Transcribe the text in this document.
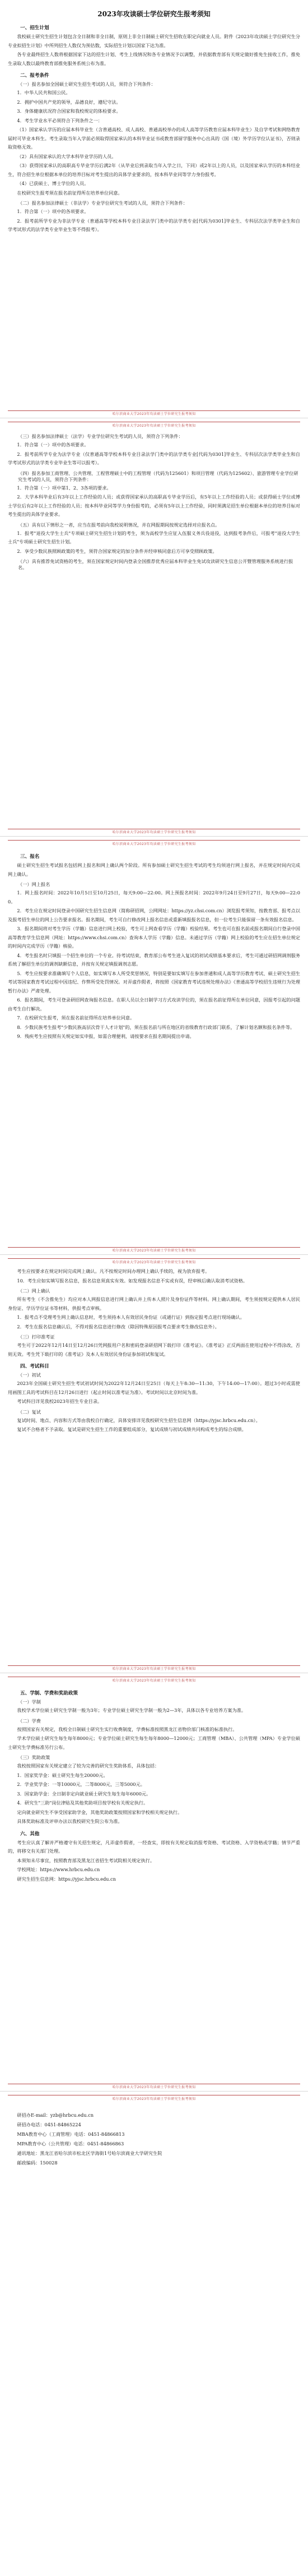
2023年攻读硕士学位研究生报考须知
一、招生计划

我校硕士研究生招生计划包含全日制和非全日制，原则上非全日制硕士研究生招收在职定向就业人员。附件《2023年攻读硕士学位研究生分专业拟招生计划》中所列招生人数仅为预估数，实际招生计划以国家下达为准。

各专业最终招生人数将根据国家下达的招生计划、考生上线情况和各专业情况予以调整，并依据教育部有关规定做好推免生接收工作，推免生录取人数以最终教育部推免服务系统公布为准。

二、报考条件
（一）报名参加全国硕士研究生招生考试的人员，须符合下列条件：

1．中华人民共和国公民。

2．拥护中国共产党的领导，品德良好，遵纪守法。

3．身体健康状况符合国家和我校规定的体检要求。

4．考生学业水平必须符合下列条件之一：

（1）国家承认学历的应届本科毕业生（含普通高校、成人高校、普通高校举办的成人高等学历教育应届本科毕业生）及自学考试和网络教育届时可毕业本科生。考生录取当年入学前必须取得国家承认的本科毕业证书或教育部留学服务中心出具的《国（境）外学历学位认证书》，否则录取资格无效。

（2）具有国家承认的大学本科毕业学历的人员。

（3）获得国家承认的高职高专毕业学历后满2年（从毕业后到录取当年入学之日，下同）或2年以上的人员，以及国家承认学历的本科结业生，符合招生单位根据本单位的培养目标对考生提出的具体学业要求的，按本科毕业同等学力身份报考。

（4）已获硕士、博士学位的人员。

在校研究生报考须在报名前征得所在培养单位同意。

（二）报名参加法律硕士（非法学）专业学位研究生考试的人员，须符合下列条件：

1．符合第（一）项中的各项要求。

2．报考前所学专业为非法学专业（普通高等学校本科专业目录法学门类中的法学类专业[代码为0301]毕业生、专科层次法学类毕业生和自学考试形式的法学类专业毕业生等不得报考）。

哈尔滨商业大学2023年攻读硕士学位研究生报考须知
哈尔滨商业大学2023年攻读硕士学位研究生报考须知
（三）报名参加法律硕士（法学）专业学位研究生考试的人员，须符合下列条件：

1．符合第（一）项中的各项要求。

2．报考前所学专业为法学专业（仅普通高等学校本科专业目录法学门类中的法学类专业[代码为0301]毕业生、专科层次法学类毕业生和自学考试形式的法学类专业毕业生等可以报考）。

（四）报名参加工商管理、公共管理、工程管理硕士中的工程管理（代码为125601）和项目管理（代码为125602）、旅游管理专业学位研究生考试的人员，须符合下列条件：

1．符合第（一）项中第1、2、3各项的要求。

2．大学本科毕业后有3年以上工作经验的人员；或获得国家承认的高职高专毕业学历后，有5年以上工作经验的人员；或获得硕士学位或博士学位后有2年以上工作经验的人员；按本科毕业同等学力身份报考的，必须有5年以上工作经验，同时须满足招生单位根据本单位的培养目标对考生提出的具体学业要求。

（五）具有以下情形之一者，应当在报考前向我校说明情况，并在网报期间按规定选择对应报名点。

1．报考"退役大学生士兵"专项硕士研究生招生计划的考生，须为高校学生应征入伍服义务兵役退役，达到报考条件后，可报考"退役大学生士兵"专项硕士研究生招生计划。

2．享受少数民族照顾政策的考生，须符合国家规定的加分条件并经审核同意后方可享受照顾政策。

（六）具有推荐免试资格的考生，须在国家规定时间内登录全国推荐优秀应届本科毕业生免试攻读研究生信息公开暨管理服务系统进行报名。
哈尔滨商业大学2023年攻读硕士学位研究生报考须知
哈尔滨商业大学2023年攻读硕士学位研究生报考须知
三、报名

硕士研究生招生考试报名包括网上报名和网上确认两个阶段。所有参加硕士研究生招生考试的考生均须进行网上报名，并在规定时间内完成网上确认。

（一）网上报名

1．网上报名时间：2022年10月5日至10月25日，每天9:00—22:00。网上预报名时间：2022年9月24日至9月27日，每天9:00—22:00。

2．考生应在规定时间登录中国研究生招生信息网（简称研招网，公网网址：https://yz.chsi.com.cn）浏览报考须知，按教育部、报考点以及报考招生单位的网上公告要求报名。报名期间，考生可自行修改网上报名信息或重新填报报名信息，但一位考生只能保留一条有效报名信息。

3．报名期间将对考生学历（学籍）信息进行网上校验，考生可上网查看学历（学籍）校验结果。考生也可在报名前或报名期间自行登录中国高等教育学生信息网（网址：https://www.chsi.com.cn）查询本人学历（学籍）信息。未通过学历（学籍）网上校验的考生应在招生单位规定的时间内完成学历（学籍）核验。

4．考生报名时只填报一个招生单位的一个专业。待考试结束，教育部公布考生进入复试的初试成绩基本要求后，考生可通过研招网调剂服务系统了解招生单位的调剂缺额信息，并按有关规定填报调剂志愿。

5．考生应按要求准确填写个人信息，如实填写本人所受奖惩情况，特别是要如实填写在参加普通和成人高等学历教育考试、硕士研究生招生考试等国家教育考试过程中因违纪、作弊所受处罚情况。对弄虚作假者，将按照《国家教育考试违规处理办法》《普通高等学校招生违规行为处理暂行办法》严肃处理。

6．报名期间，考生可登录研招网查询报名信息。在职人员以全日制学习方式攻读学位的，须在报名前征得所在单位同意，因报考引起的问题由考生自行解决。

7．在校研究生报考，须在报名前征得所在培养单位同意。

8．少数民族考生报考"少数民族高层次骨干人才计划"的，须在报名前与所在地区的省级教育行政部门联系，了解计划名额和报名条件等。

9．残疾考生应按照有关规定如实申报，如需合理便利，请按要求在报名期间提出申请。

哈尔滨商业大学2023年攻读硕士学位研究生报考须知
哈尔滨商业大学2023年攻读硕士学位研究生报考须知

考生应按要求在规定时间完成网上确认。凡不按规定时间办理网上确认手续的，视为放弃报考。

10．考生应如实填写报名信息，报名信息须真实有效。如发现报名信息不实或有误，经审核后确认取消考试资格。

（二）网上确认

所有考生（不含推免生）均应对本人网报信息进行网上确认并上传本人照片及身份证件等材料。网上确认期间，考生须按规定提供本人居民身份证、学历学位证书等材料，供报考点审核。

1．报考点不受理考生网上确认信息时，考生须持本人有效居民身份证（或通行证）到指定报考点进行现场确认。

2．考生在报名信息确认后，不得对报名信息进行修改（除因特殊原因报考点要求考生修改信息外）。

（三）打印准考证

考生可于2022年12月14日至12月26日凭网报用户名和密码登录研招网下载打印《准考证》。《准考证》正反两面在使用过程中不得涂改，否则无效。考生凭下载打印的《准考证》及本人有效居民身份证参加初试和复试。

四、考试科目
（一）初试

2023年全国硕士研究生招生考试初试时间为2022年12月24日至25日（每天上午8:30—11:30，下午14:00—17:00）。超过3小时或需使用画图工具的考试科目在12月26日进行（起止时间以准考证为准）。考试时间以北京时间为准。

考试科目详见我校2023年招生专业目录。

（二）复试

复试时间、地点、内容和方式等由我校自行确定，具体安排详见我校研究生招生信息网（https://yjsc.hrbcu.edu.cn）。

复试不合格者不予录取。复试是研究生招生工作的重要组成部分，复试成绩与初试成绩共同构成考生的综合成绩。

哈尔滨商业大学2023年攻读硕士学位研究生报考须知
哈尔滨商业大学2023年攻读硕士学位研究生报考须知
五、学制、学费和奖助政策
（一）学制

我校学术学位硕士研究生学制一般为3年；专业学位硕士研究生学制一般为2—3年，具体以各专业培养方案为准。

（二）学费

按照国家有关规定，我校全日制硕士研究生实行收费制度，学费标准按照黑龙江省物价部门核准的标准执行。

学术学位硕士研究生每生每年8000元；专业学位硕士研究生每生每年8000—12000元；工商管理（MBA）、公共管理（MPA）专业学位硕士研究生学费标准另行公布。

（三）奖助政策

我校按照国家有关规定建立了较为完善的研究生奖助体系，具体包括：

1．国家奖学金：硕士研究生每生20000元。

2．学业奖学金：一等10000元，二等8000元，三等5000元。

3．国家助学金：全日制非定向就业硕士研究生每生每年6000元。

4．研究生"三助"岗位津贴及其他奖助项目按学校有关规定执行。

定向就业研究生不享受国家助学金，其他奖助政策按照国家和学校相关规定执行。

具体奖助标准及评审办法以我校研究生院公布为准。

六、其他

考生应认真了解并严格遵守有关招生规定，凡弄虚作假者，一经查实，即按有关规定取消报考资格、考试资格、入学资格或学籍；情节严重的，将移交有关部门处理。

本须知未尽事宜，按照教育部及黑龙江省招生考试院相关规定执行。

学校网址：https://www.hrbcu.edu.cn

研究生招生信息网：https://yjsc.hrbcu.edu.cn

哈尔滨商业大学2023年攻读硕士学位研究生报考须知
哈尔滨商业大学2023年攻读硕士学位研究生报考须知

研招办E-mail：yzb@hrbcu.edu.cn

研招办电话：0451-84865224

MBA教育中心（工商管理）电话：0451-84866813

MPA教育中心（公共管理）电话：0451-84866863

通讯地址：黑龙江省哈尔滨市松北区学海街1号哈尔滨商业大学研究生院

邮政编码：150028
